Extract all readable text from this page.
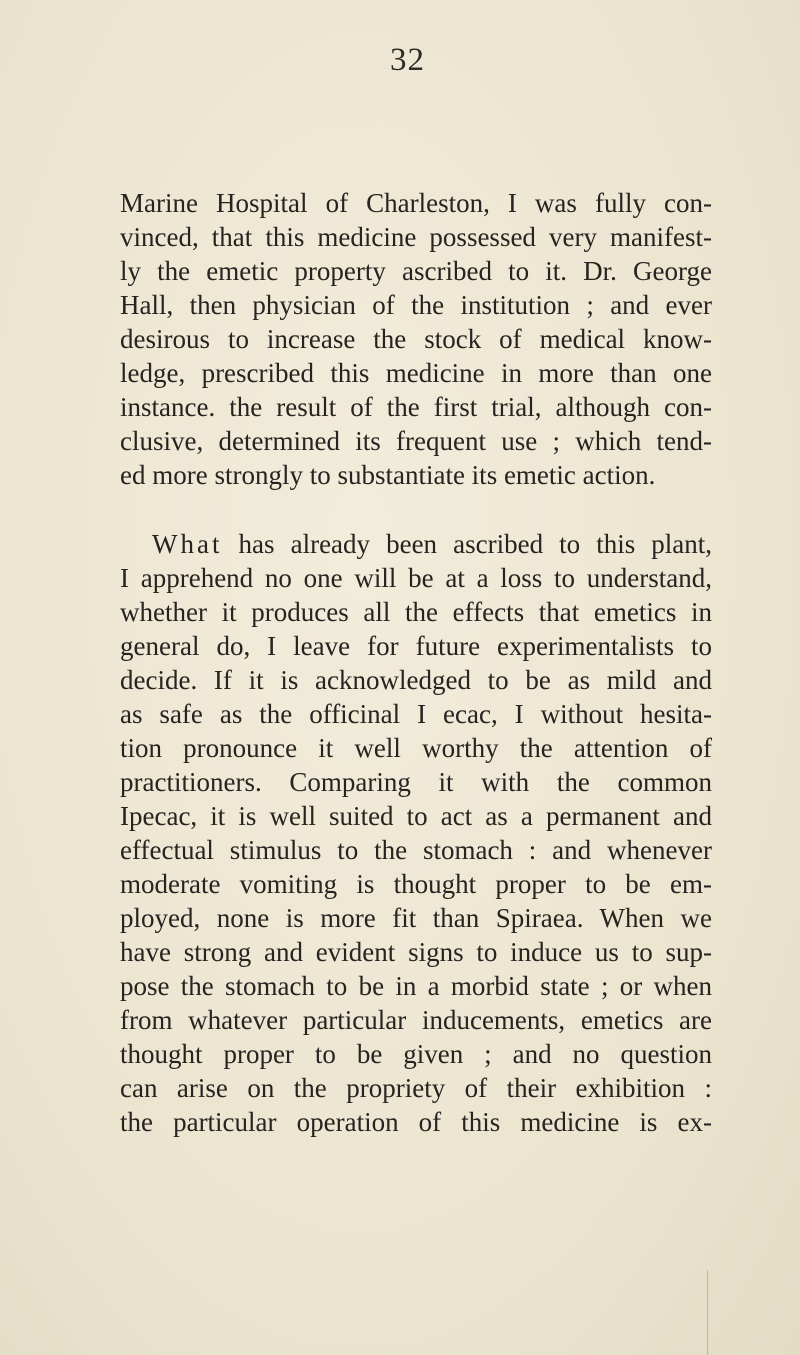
32
Marine Hospital of Charleston, I was fully con-
vinced, that this medicine possessed very manifest-
ly the emetic property ascribed to it. Dr. George
Hall, then physician of the institution ; and ever
desirous to increase the stock of medical know-
ledge, prescribed this medicine in more than one
instance. the result of the first trial, although con-
clusive, determined its frequent use ; which tend-
ed more strongly to substantiate its emetic action.
What has already been ascribed to this plant,
I apprehend no one will be at a loss to understand,
whether it produces all the effects that emetics in
general do, I leave for future experimentalists to
decide. If it is acknowledged to be as mild and
as safe as the officinal I ecac, I without hesita-
tion pronounce it well worthy the attention of
practitioners. Comparing it with the common
Ipecac, it is well suited to act as a permanent and
effectual stimulus to the stomach : and whenever
moderate vomiting is thought proper to be em-
ployed, none is more fit than Spiraea. When we
have strong and evident signs to induce us to sup-
pose the stomach to be in a morbid state ; or when
from whatever particular inducements, emetics are
thought proper to be given ; and no question
can arise on the propriety of their exhibition :
the particular operation of this medicine is ex-
